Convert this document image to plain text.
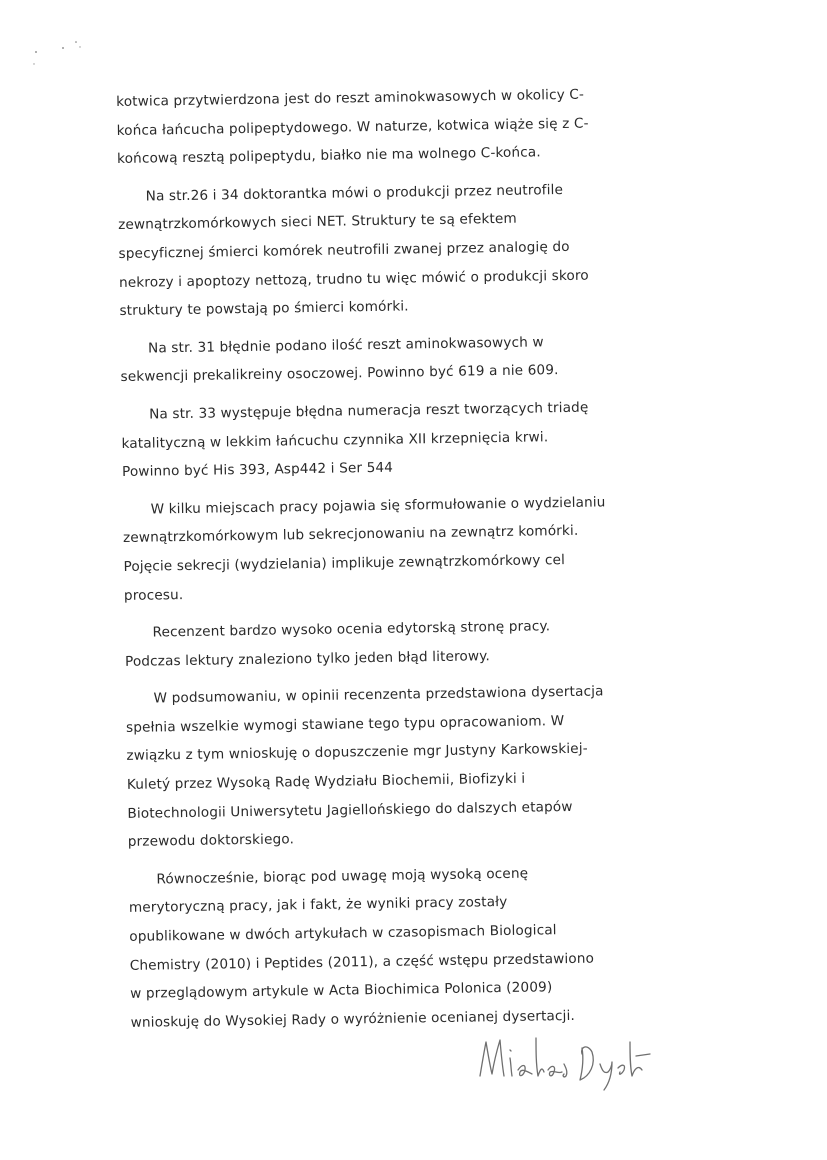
kotwica przytwierdzona jest do reszt aminokwasowych w okolicy C-
końca łańcucha polipeptydowego. W naturze, kotwica wiąże się z C-
końcową resztą polipeptydu, białko nie ma wolnego C-końca.

Na str.26 i 34 doktorantka mówi o produkcji przez neutrofile
zewnątrzkomórkowych sieci NET. Struktury te są efektem
specyficznej śmierci komórek neutrofili zwanej przez analogię do
nekrozy i apoptozy nettozą, trudno tu więc mówić o produkcji skoro
struktury te powstają po śmierci komórki.

Na str. 31 błędnie podano ilość reszt aminokwasowych w
sekwencji prekalikreiny osoczowej. Powinno być 619 a nie 609.

Na str. 33 występuje błędna numeracja reszt tworzących triadę
katalityczną w lekkim łańcuchu czynnika XII krzepnięcia krwi.
Powinno być His 393, Asp442 i Ser 544

W kilku miejscach pracy pojawia się sformułowanie o wydzielaniu
zewnątrzkomórkowym lub sekrecjonowaniu na zewnątrz komórki.
Pojęcie sekrecji (wydzielania) implikuje zewnątrzkomórkowy cel
procesu.

Recenzent bardzo wysoko ocenia edytorską stronę pracy.
Podczas lektury znaleziono tylko jeden błąd literowy.

W podsumowaniu, w opinii recenzenta przedstawiona dysertacja
spełnia wszelkie wymogi stawiane tego typu opracowaniom. W
związku z tym wnioskuję o dopuszczenie mgr Justyny Karkowskiej-
Kuletý przez Wysoką Radę Wydziału Biochemii, Biofizyki i
Biotechnologii Uniwersytetu Jagiellońskiego do dalszych etapów
przewodu doktorskiego.

Równocześnie, biorąc pod uwagę moją wysoką ocenę
merytoryczną pracy, jak i fakt, że wyniki pracy zostały
opublikowane w dwóch artykułach w czasopismach Biological
Chemistry (2010) i Peptides (2011), a część wstępu przedstawiono
w przeglądowym artykule w Acta Biochimica Polonica (2009)
wnioskuję do Wysokiej Rady o wyróżnienie ocenianej dysertacji.
